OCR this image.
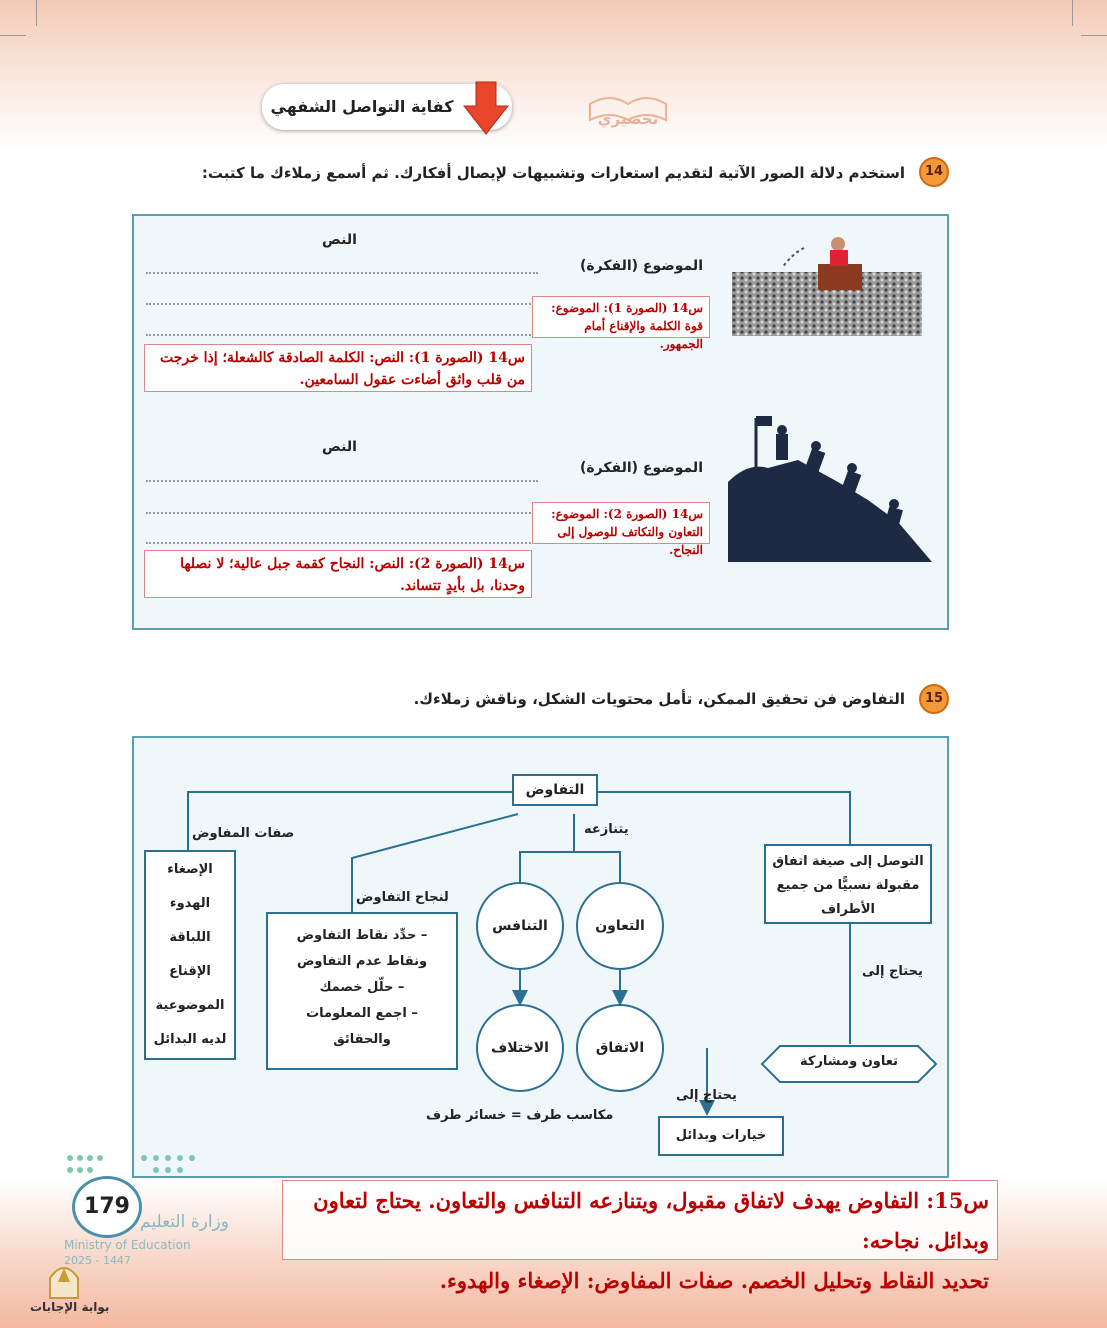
كفاية التواصل الشفهي
تحضيري
14
استخدم دلالة الصور الآتية لتقديم استعارات وتشبيهات لإيصال أفكارك. ثم أسمع زملاءك ما كتبت:
الموضوع (الفكرة)
النص
س14 (الصورة 1): الموضوع: قوة الكلمة والإقناع أمام الجمهور.
س14 (الصورة 1): النص: الكلمة الصادقة كالشعلة؛ إذا خرجت من قلب واثق أضاءت عقول السامعين.
الموضوع (الفكرة)
النص
س14 (الصورة 2): الموضوع: التعاون والتكاتف للوصول إلى النجاح.
س14 (الصورة 2): النص: النجاح كقمة جبل عالية؛ لا نصلها وحدنا، بل بأيدٍ تتساند.
15
التفاوض فن تحقيق الممكن، تأمل محتويات الشكل، وناقش زملاءك.
التفاوض
يتنازعه
صفات المفاوض
الإصغاء
الهدوء
اللباقة
الإقناع
الموضوعية
لديه البدائل
لنجاح التفاوض
– حدِّد نقاط التفاوض
ونقاط عدم التفاوض
– حلّل خصمك
– اجمع المعلومات
والحقائق
التنافس	التعاون
الاختلاف	الاتفاق
مكاسب طرف = خسائر طرف
التوصل إلى صيغة اتفاق مقبولة نسبيًّا من جميع الأطراف
يحتاج إلى
تعاون ومشاركة
يحتاج إلى
خيارات وبدائل
س15: التفاوض يهدف لاتفاق مقبول، ويتنازعه التنافس والتعاون. يحتاج لتعاون وبدائل. نجاحه:
تحديد النقاط وتحليل الخصم. صفات المفاوض: الإصغاء والهدوء.
179
وزارة التعليم
Ministry of Education
2025 - 1447
بوابة الإجابات
